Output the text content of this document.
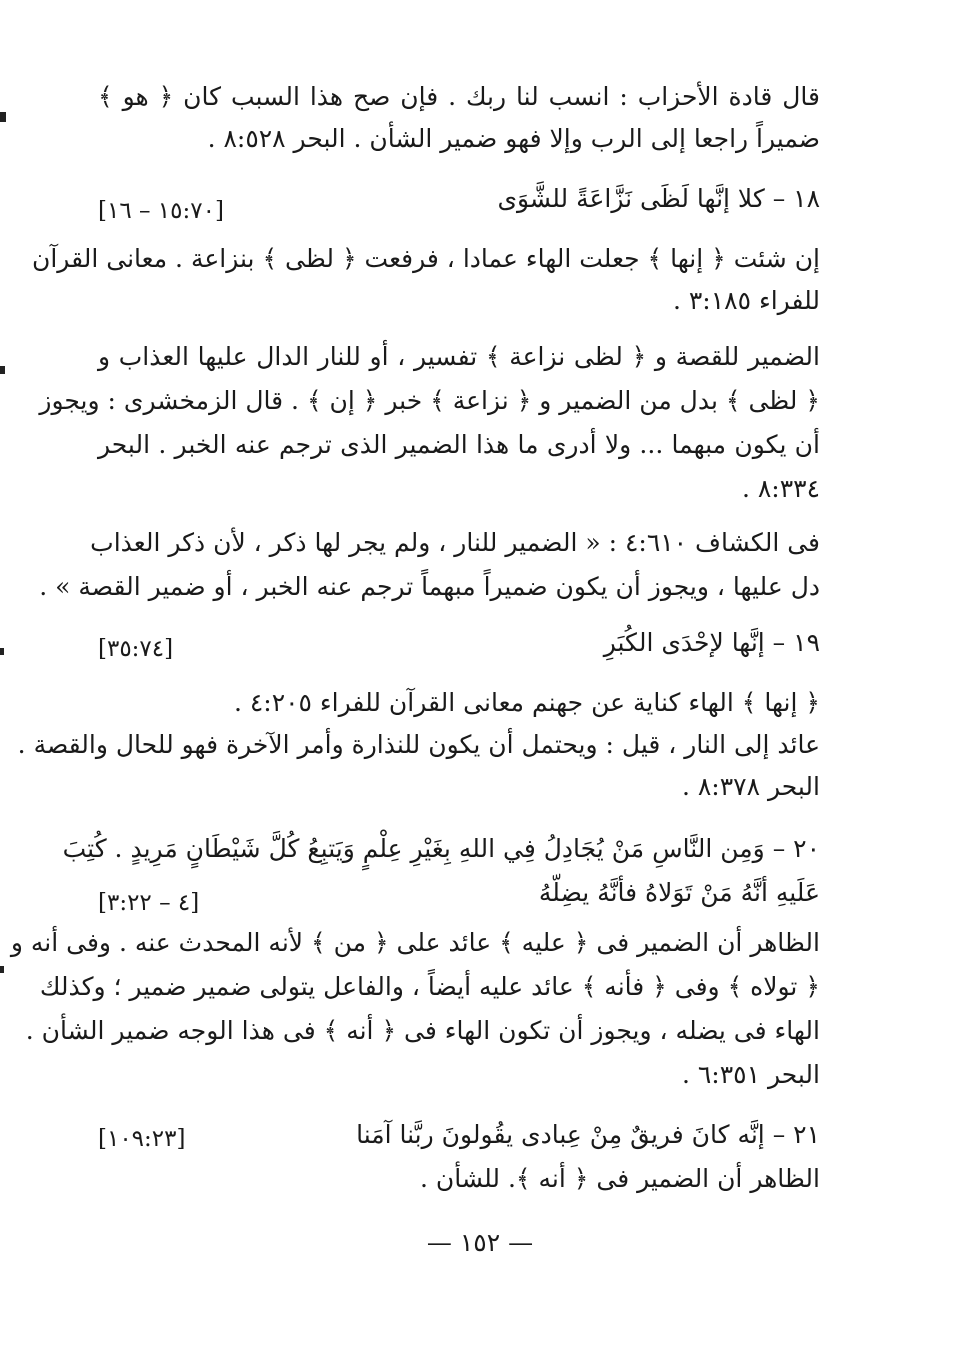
قال قادة الأحزاب : انسب لنا ربك . فإن صح هذا السبب كان ﴿ هو ﴾
ضميراً راجعا إلى الرب وإلا فهو ضمير الشأن . البحر ٨:٥٢٨ .
١٨ – كلا إنَّها لَظَى نَزَّاعَةً للشَّوَى
[١٦ – ١٥:٧٠]
إن شئت ﴿ إنها ﴾ جعلت الهاء عمادا ، فرفعت ﴿ لظى ﴾ بنزاعة . معانى القرآن
للفراء ٣:١٨٥ .
الضمير للقصة و ﴿ لظى نزاعة ﴾ تفسير ، أو للنار الدال عليها العذاب و
﴿ لظى ﴾ بدل من الضمير و ﴿ نزاعة ﴾ خبر ﴿ إن ﴾ . قال الزمخشرى : ويجوز
أن يكون مبهما ... ولا أدرى ما هذا الضمير الذى ترجم عنه الخبر . البحر
٨:٣٣٤ .
فى الكشاف ٤:٦١٠ : « الضمير للنار ، ولم يجر لها ذكر ، لأن ذكر العذاب
دل عليها ، ويجوز أن يكون ضميراً مبهماً ترجم عنه الخبر ، أو ضمير القصة » .
١٩ – إنَّها لإحْدَى الكُبَرِ
[٣٥:٧٤]
﴿ إنها ﴾ الهاء كناية عن جهنم معانى القرآن للفراء ٤:٢٠٥ .
عائد إلى النار ، قيل : ويحتمل أن يكون للنذارة وأمر الآخرة فهو للحال والقصة .
البحر ٨:٣٧٨ .
٢٠ – وَمِن النَّاسِ مَنْ يُجَادِلُ فِي اللهِ بِغَيْرِ عِلْمٍ وَيَتبِعُ كُلَّ شَيْطَانٍ مَرِيدٍ . كُتِبَ
عَلَيهِ أنَّهُ مَنْ تَوَلاهُ فأنَّهُ يضِلّهُ
[٣:٢٢ – ٤]
الظاهر أن الضمير فى ﴿ عليه ﴾ عائد على ﴿ من ﴾ لأنه المحدث عنه . وفى أنه و
﴿ تولاه ﴾ وفى ﴿ فأنه ﴾ عائد عليه أيضاً ، والفاعل يتولى ضمير ضمير ؛ وكذلك
الهاء فى يضله ، ويجوز أن تكون الهاء فى ﴿ أنه ﴾ فى هذا الوجه ضمير الشأن .
البحر ٦:٣٥١ .
٢١ – إنَّه كانَ فريقٌ مِنْ عِبادى يقُولونَ ربَّنا آمَنا
[١٠٩:٢٣]
الظاهر أن الضمير فى ﴿ أنه ﴾. للشأن .
— ١٥٢ —
